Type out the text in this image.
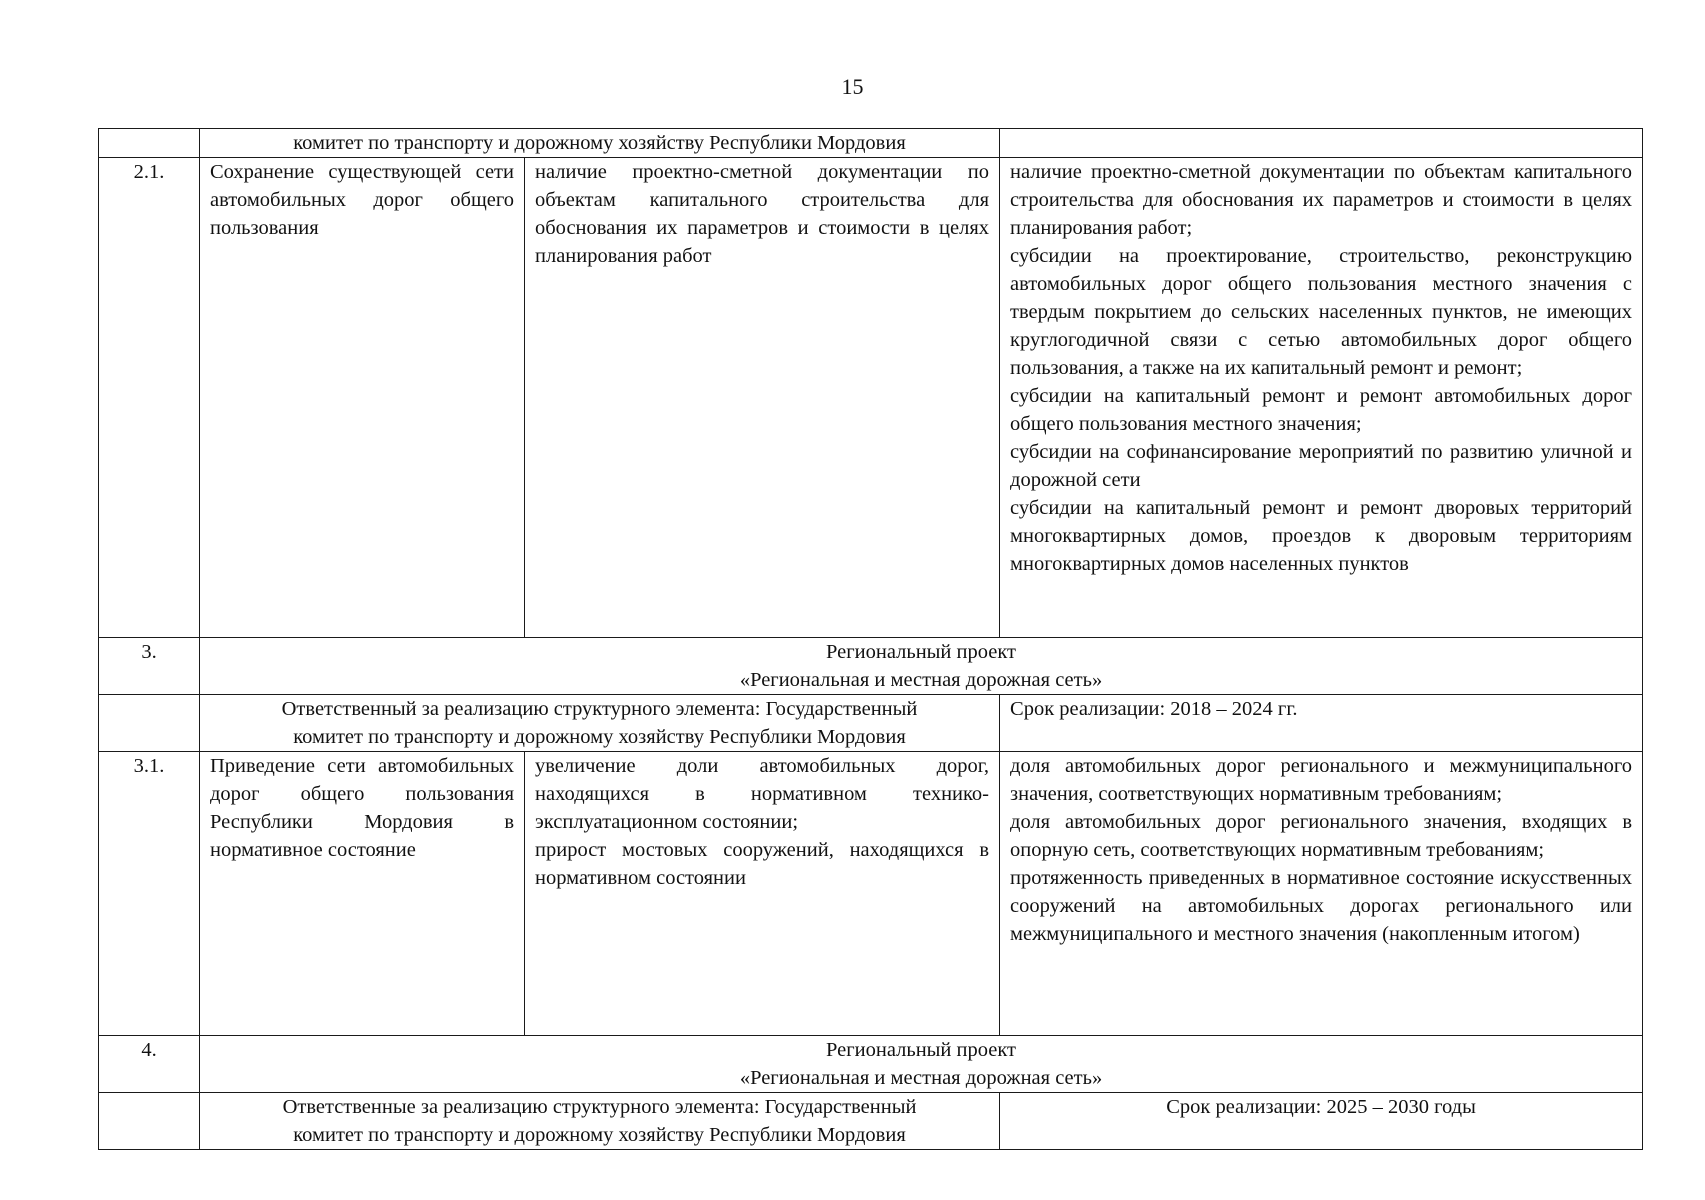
15
	комитет по транспорту и дорожному хозяйству Республики Мордовия		
2.1.	Сохранение существующей сети автомобильных дорог общего пользования	наличие проектно-сметной документации по объектам капитального строительства для обоснования их параметров и стоимости в целях планирования работ	наличие проектно-сметной документации по объектам капитального строительства для обоснования их параметров и стоимости в целях планирования работ;
субсидии на проектирование, строительство, реконструкцию автомобильных дорог общего пользования местного значения с твердым покрытием до сельских населенных пунктов, не имеющих круглогодичной связи с сетью автомобильных дорог общего пользования, а также на их капитальный ремонт и ремонт;
субсидии на капитальный ремонт и ремонт автомобильных дорог общего пользования местного значения;
субсидии на софинансирование мероприятий по развитию уличной и дорожной сети
субсидии на капитальный ремонт и ремонт дворовых территорий многоквартирных домов, проездов к дворовым территориям многоквартирных домов населенных пунктов

3.	Региональный проект
«Региональная и местная дорожная сеть»		

	Ответственный за реализацию структурного элемента: Государственный
комитет по транспорту и дорожному хозяйству Республики Мордовия		Срок реализации: 2018 – 2024 гг.
3.1.	Приведение сети автомобильных дорог общего пользования Республики Мордовия в нормативное состояние	увеличение доли автомобильных дорог, находящихся в нормативном технико-эксплуатационном состоянии;
прирост мостовых сооружений, находящихся в нормативном состоянии	доля автомобильных дорог регионального и межмуниципального значения, соответствующих нормативным требованиям;
доля автомобильных дорог регионального значения, входящих в опорную сеть, соответствующих нормативным требованиям;
протяженность приведенных в нормативное состояние искусственных сооружений на автомобильных дорогах регионального или межмуниципального и местного значения (накопленным итогом)

4.	Региональный проект
«Региональная и местная дорожная сеть»		

	Ответственные за реализацию структурного элемента: Государственный
комитет по транспорту и дорожному хозяйству Республики Мордовия		Срок реализации: 2025 – 2030 годы
